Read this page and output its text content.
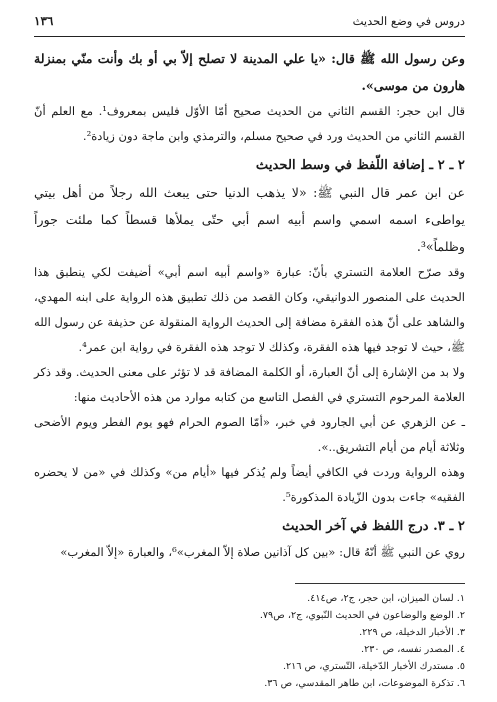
دروس في وضع الحديث
١٣٦

وعن رسول الله ﷺ قال: «يا علي المدينة لا تصلح إلاّ بي أو بك وأنت منّي بمنزلة هارون من موسى».

قال ابن حجر: القسم الثاني من الحديث صحيح أمّا الأوّل فليس بمعروف¹. مع العلم أنّ القسم الثاني من الحديث ورد في صحيح مسلم، والترمذي وابن ماجة دون زيادة².

٢ ـ ٢ ـ إضافة اللّفظ في وسط الحديث

عن ابن عمر قال النبي ﷺ: «لا يذهب الدنيا حتى يبعث الله رجلاً من أهل بيتي يواطىء اسمه اسمي واسم أبيه اسم أبي حتّى يملأها قسطاً كما ملئت جوراً وظلماً»³.

وقد صرّح العلامة التستري بأنّ: عبارة «واسم أبيه اسم أبي» أضيفت لكي ينطبق هذا الحديث على المنصور الدوانيقي، وكان القصد من ذلك تطبيق هذه الرواية على ابنه المهدي، والشاهد على أنّ هذه الفقرة مضافة إلى الحديث الرواية المنقولة عن حذيفة عن رسول الله ﷺ، حيث لا توجد فيها هذه الفقرة، وكذلك لا توجد هذه الفقرة في رواية ابن عمر⁴.

ولا بد من الإشارة إلى أنّ العبارة، أو الكلمة المضافة قد لا تؤثر على معنى الحديث. وقد ذكر العلامة المرحوم التستري في الفصل التاسع من كتابه موارد من هذه الأحاديث منها:

ـ عن الزهري عن أبي الجارود في خبر، «أمّا الصوم الحرام فهو يوم الفطر ويوم الأضحى وثلاثة أيام من أيام التشريق..».

وهذه الرواية وردت في الكافي أيضاً ولم يُذكر فيها «أيام من» وكذلك في «من لا يحضره الفقيه» جاءت بدون الزّيادة المذكورة⁵.

٢ ـ ٣. درج اللفظ في آخر الحديث

روي عن النبي ﷺ أنّهُ قال: «بين كل آذانين صلاة إلاّ المغرب»⁶، والعبارة «إلاّ المغرب»

١. لسان الميزان، ابن حجر، ج٢، ص٤١٤.

٢. الوضع والوضاعون في الحديث النّبوي، ج٢، ص٧٩.

٣. الأخبار الدخيلة، ص ٢٢٩.

٤. المصدر نفسه، ص ٢٣٠.

٥. مستدرك الأخبار الدّخيلة، التّستري، ص ٢١٦.

٦. تذكرة الموضوعات، ابن طاهر المقدسي، ص ٣٦.
